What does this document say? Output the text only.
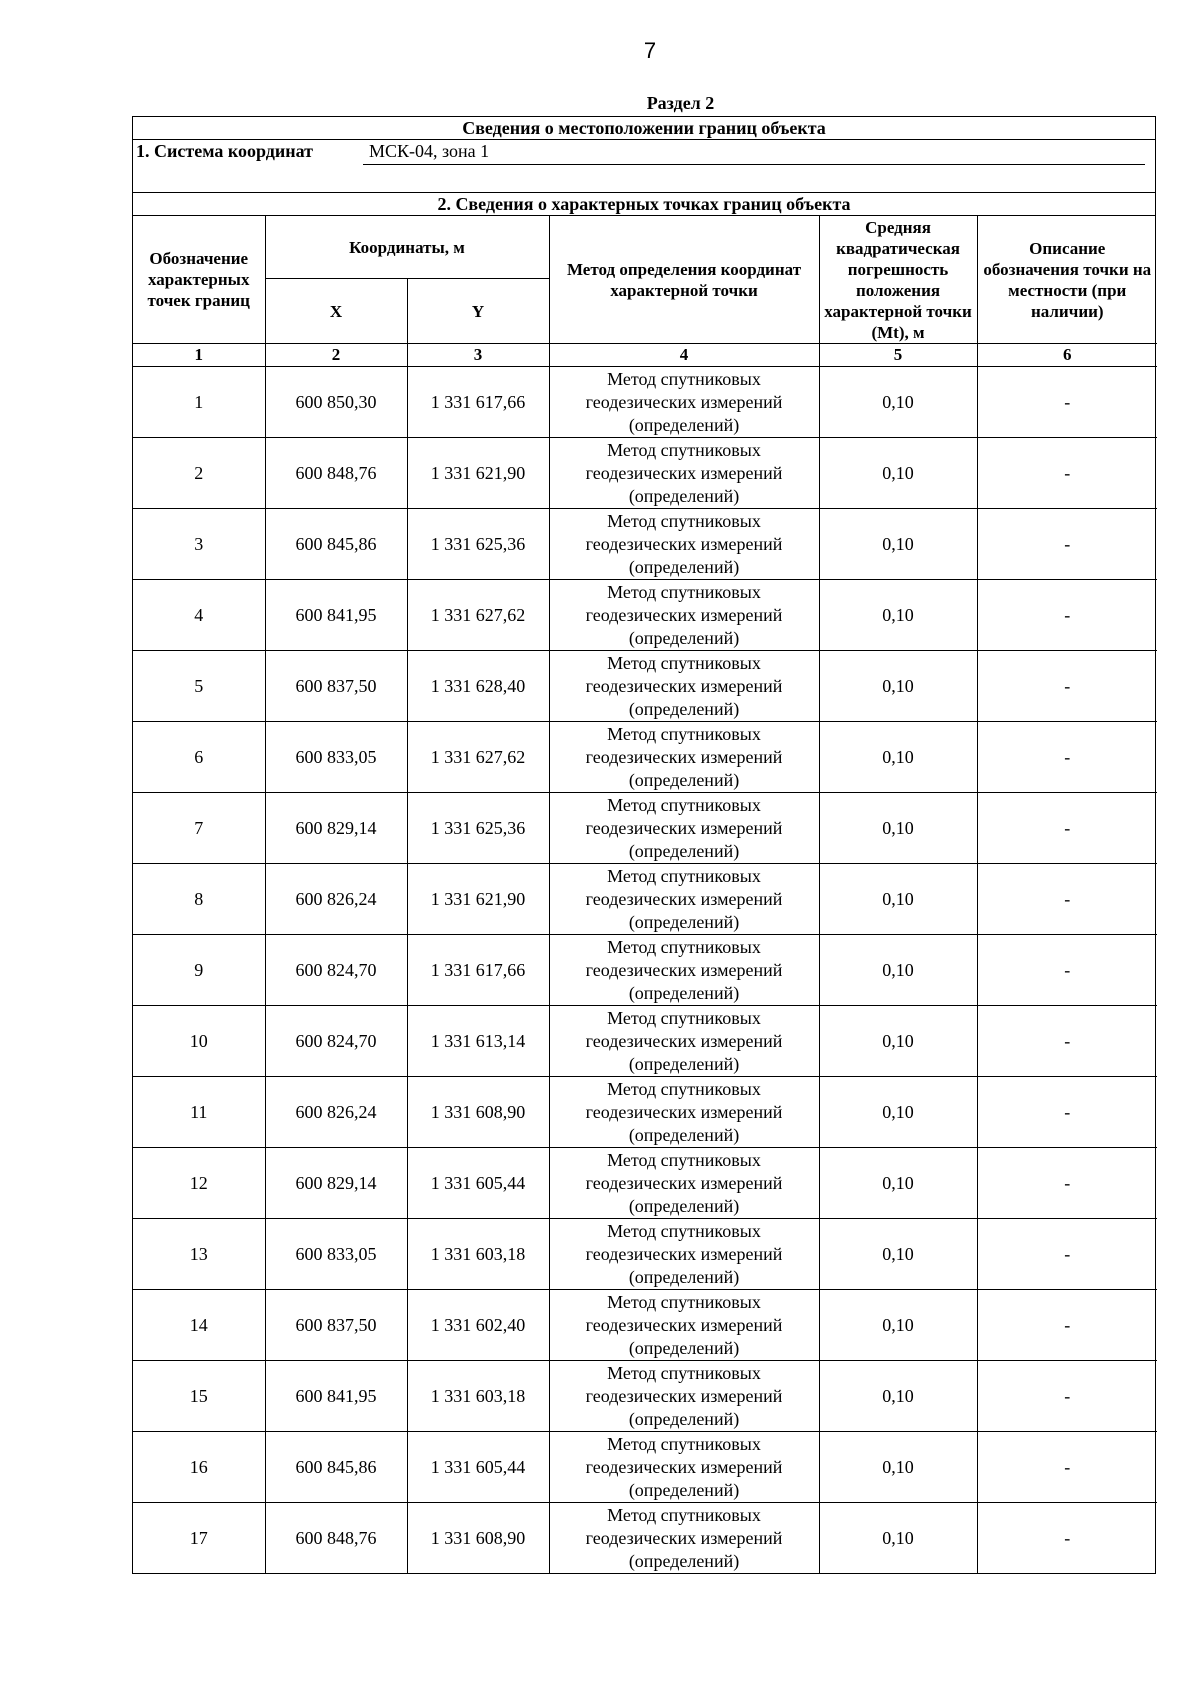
7
Раздел 2
Сведения о местоположении границ объекта
1. Система координат	МСК-04, зона 1
2. Сведения о характерных точках границ объекта
Обозначение характерных точек границ	Координаты, м		Метод определения координат характерной точки	Средняя квадратическая погрешность положения характерной точки (Mt), м	Описание обозначения точки на местности (при наличии)
	X	Y			
1	2	3	4	5	6
1	600 850,30	1 331 617,66	Метод спутниковых геодезических измерений (определений)	0,10	-
2	600 848,76	1 331 621,90	Метод спутниковых геодезических измерений (определений)	0,10	-
3	600 845,86	1 331 625,36	Метод спутниковых геодезических измерений (определений)	0,10	-
4	600 841,95	1 331 627,62	Метод спутниковых геодезических измерений (определений)	0,10	-
5	600 837,50	1 331 628,40	Метод спутниковых геодезических измерений (определений)	0,10	-
6	600 833,05	1 331 627,62	Метод спутниковых геодезических измерений (определений)	0,10	-
7	600 829,14	1 331 625,36	Метод спутниковых геодезических измерений (определений)	0,10	-
8	600 826,24	1 331 621,90	Метод спутниковых геодезических измерений (определений)	0,10	-
9	600 824,70	1 331 617,66	Метод спутниковых геодезических измерений (определений)	0,10	-
10	600 824,70	1 331 613,14	Метод спутниковых геодезических измерений (определений)	0,10	-
11	600 826,24	1 331 608,90	Метод спутниковых геодезических измерений (определений)	0,10	-
12	600 829,14	1 331 605,44	Метод спутниковых геодезических измерений (определений)	0,10	-
13	600 833,05	1 331 603,18	Метод спутниковых геодезических измерений (определений)	0,10	-
14	600 837,50	1 331 602,40	Метод спутниковых геодезических измерений (определений)	0,10	-
15	600 841,95	1 331 603,18	Метод спутниковых геодезических измерений (определений)	0,10	-
16	600 845,86	1 331 605,44	Метод спутниковых геодезических измерений (определений)	0,10	-
17	600 848,76	1 331 608,90	Метод спутниковых геодезических измерений (определений)	0,10	-
